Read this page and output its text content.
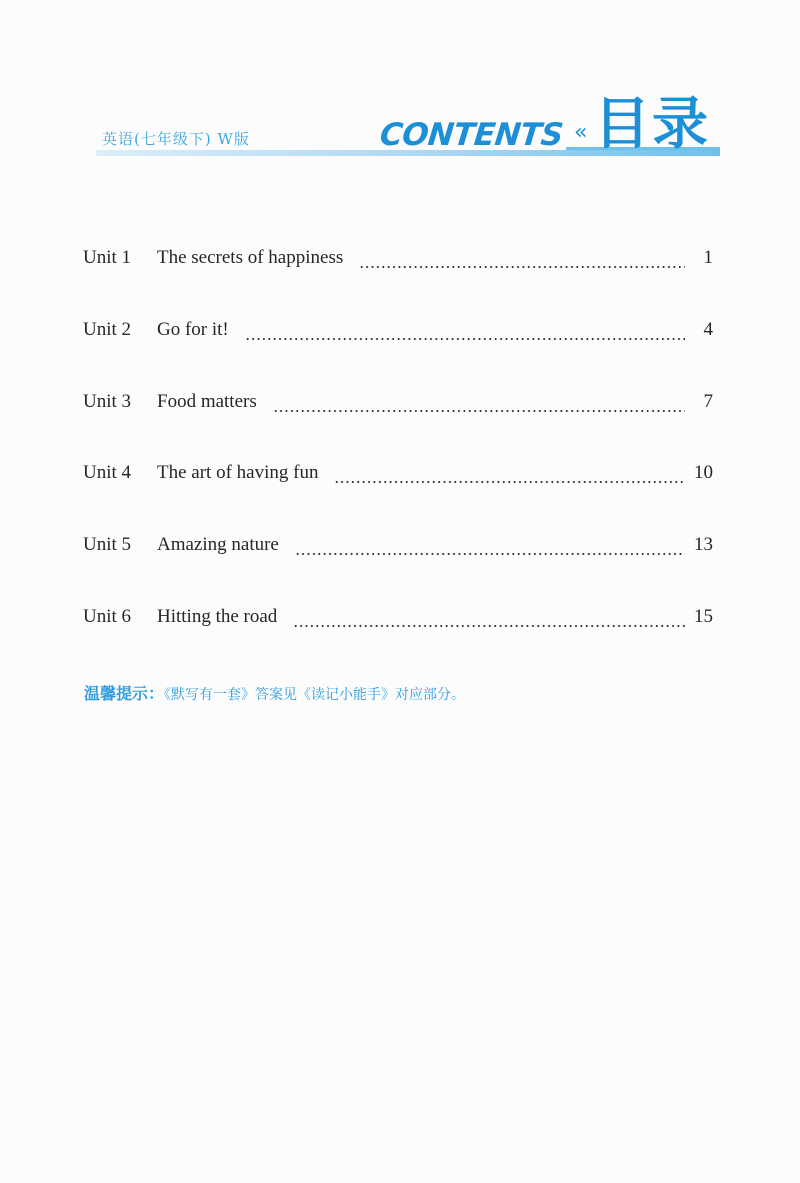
英语(七年级下) W版	CONTENTS « 目录
Unit 1	The secrets of happiness	1
Unit 2	Go for it!	4
Unit 3	Food matters	7
Unit 4	The art of having fun	10
Unit 5	Amazing nature	13
Unit 6	Hitting the road	15
温馨提示：《默写有一套》答案见《读记小能手》对应部分。
